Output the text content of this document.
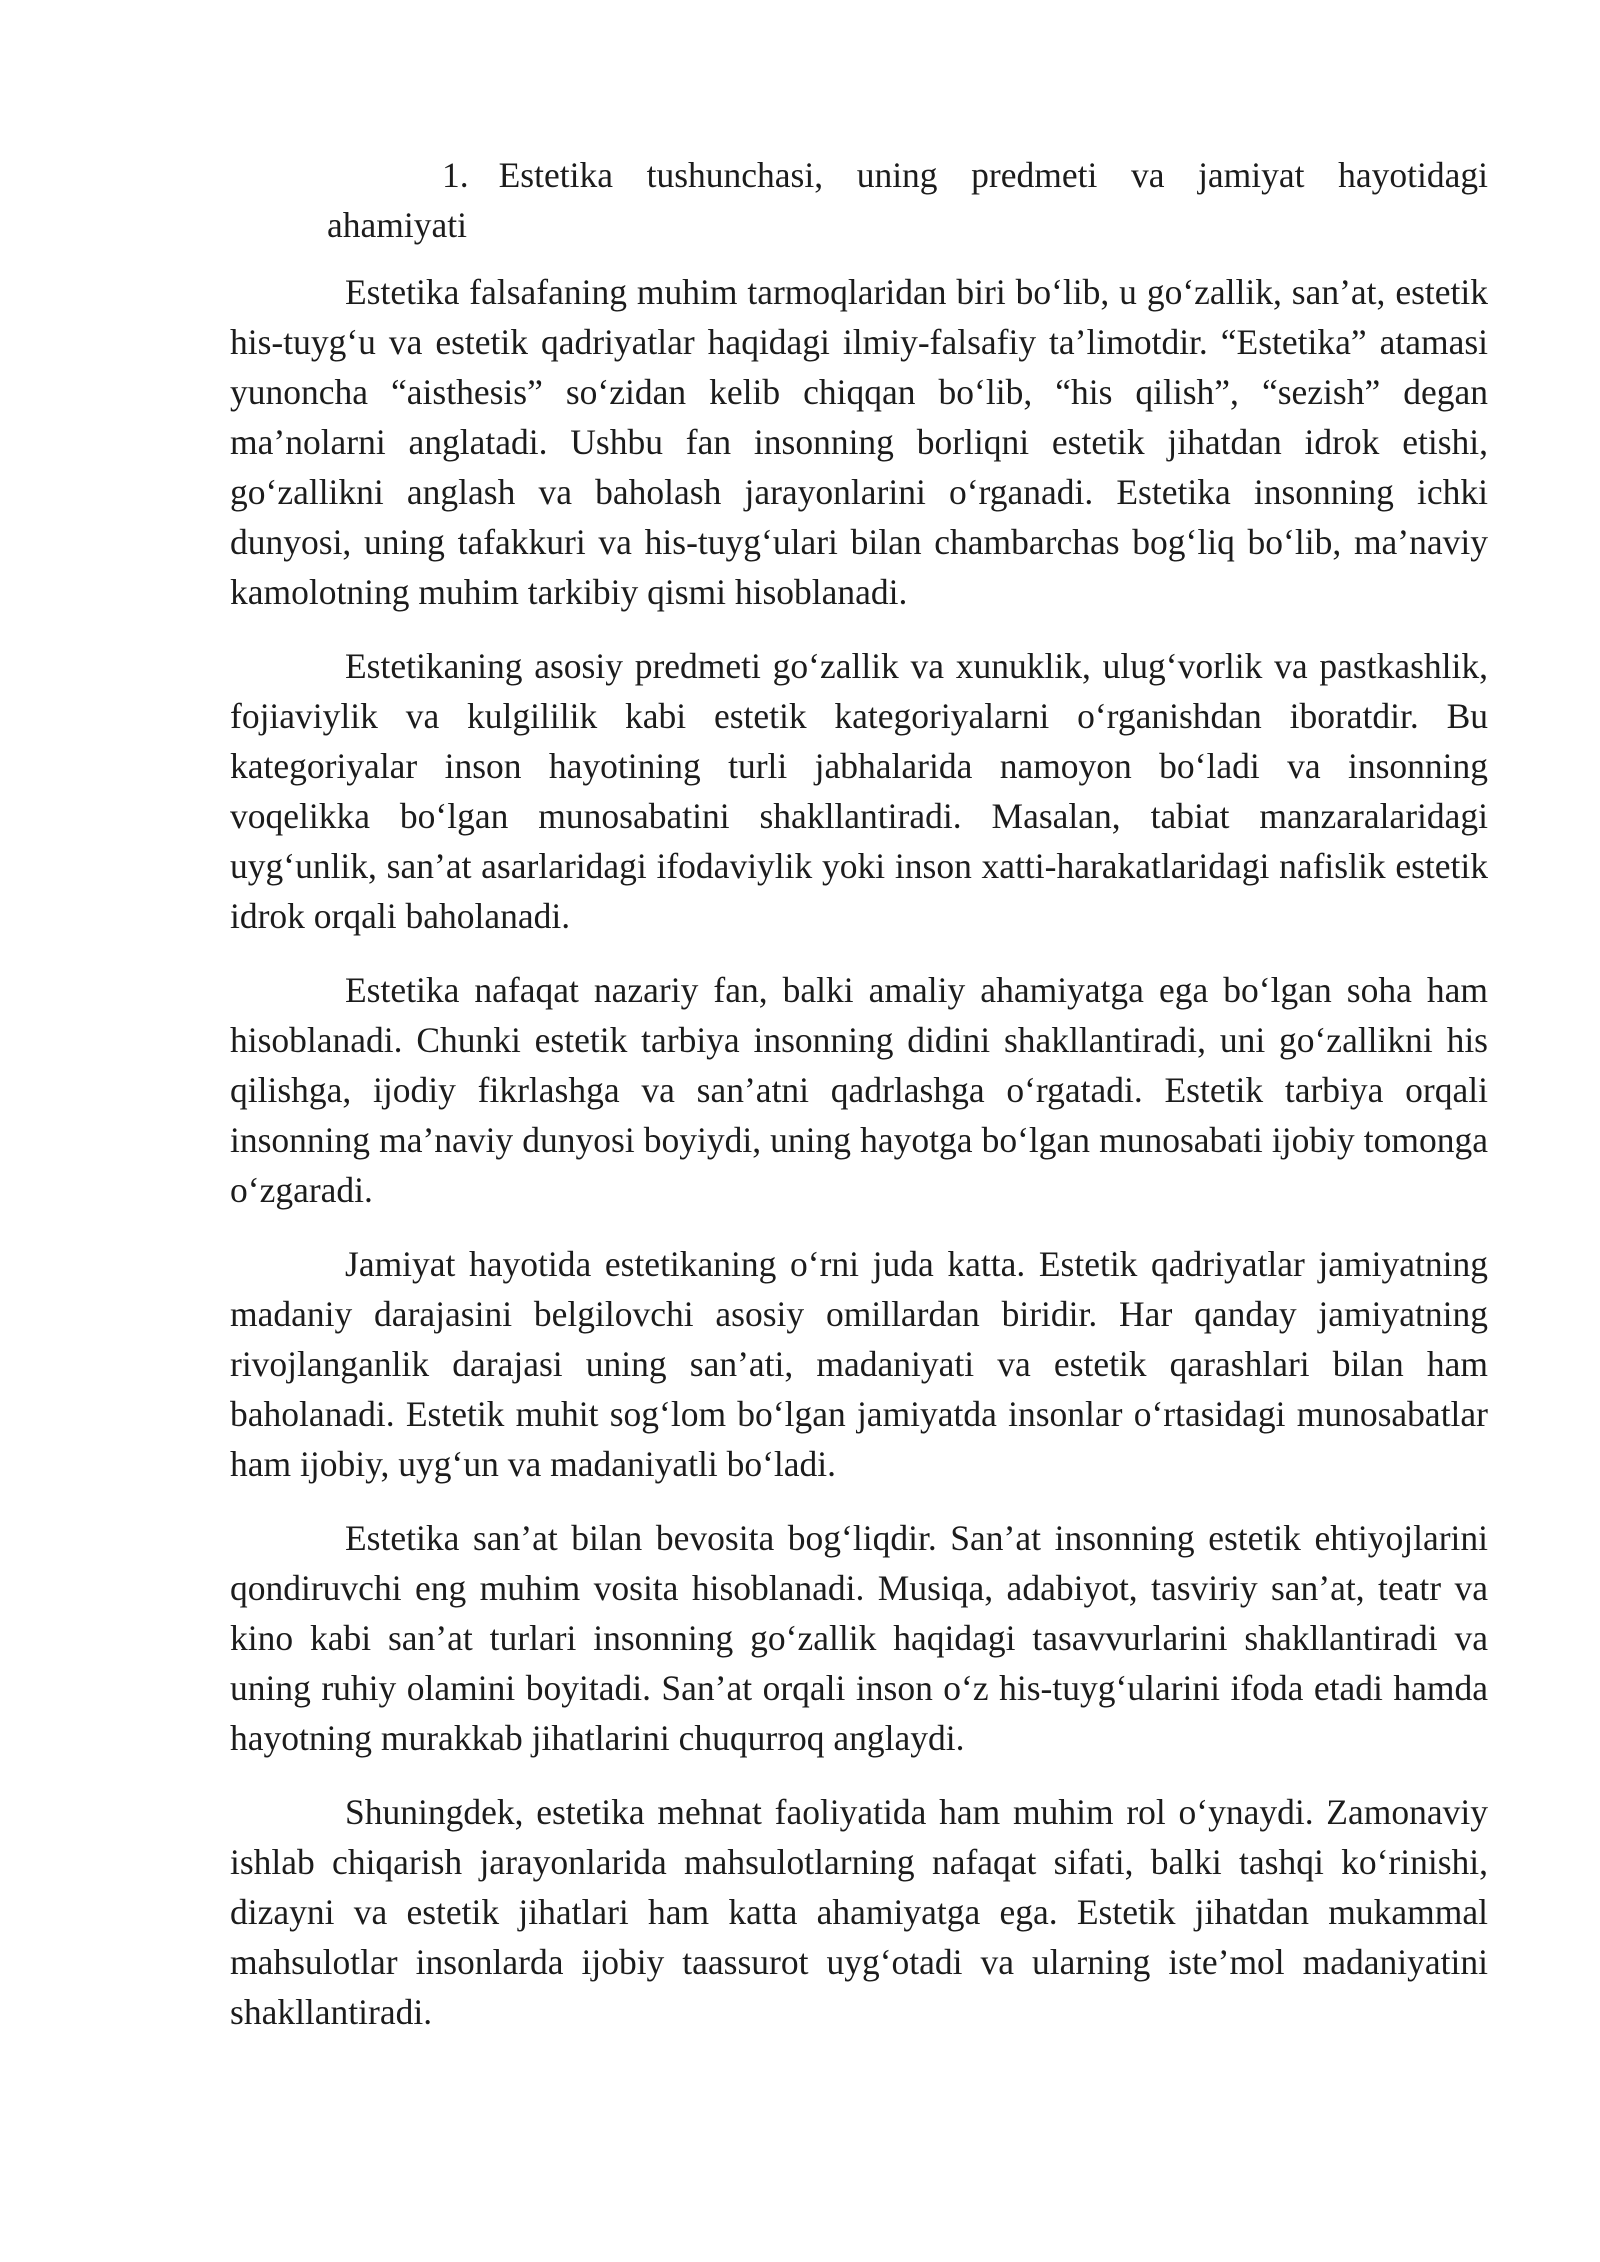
1. Estetika tushunchasi, uning predmeti va jamiyat hayotidagi
ahamiyati

Estetika falsafaning muhim tarmoqlaridan biri bo‘lib, u go‘zallik, san’at, estetik his-tuyg‘u va estetik qadriyatlar haqidagi ilmiy-falsafiy ta’limotdir. “Estetika” atamasi yunoncha “aisthesis” so‘zidan kelib chiqqan bo‘lib, “his qilish”, “sezish” degan ma’nolarni anglatadi. Ushbu fan insonning borliqni estetik jihatdan idrok etishi, go‘zallikni anglash va baholash jarayonlarini o‘rganadi. Estetika insonning ichki dunyosi, uning tafakkuri va his-tuyg‘ulari bilan chambarchas bog‘liq bo‘lib, ma’naviy kamolotning muhim tarkibiy qismi hisoblanadi.

Estetikaning asosiy predmeti go‘zallik va xunuklik, ulug‘vorlik va pastkashlik, fojiaviylik va kulgililik kabi estetik kategoriyalarni o‘rganishdan iboratdir. Bu kategoriyalar inson hayotining turli jabhalarida namoyon bo‘ladi va insonning voqelikka bo‘lgan munosabatini shakllantiradi. Masalan, tabiat manzaralaridagi uyg‘unlik, san’at asarlaridagi ifodaviylik yoki inson xatti-harakatlaridagi nafislik estetik idrok orqali baholanadi.

Estetika nafaqat nazariy fan, balki amaliy ahamiyatga ega bo‘lgan soha ham hisoblanadi. Chunki estetik tarbiya insonning didini shakllantiradi, uni go‘zallikni his qilishga, ijodiy fikrlashga va san’atni qadrlashga o‘rgatadi. Estetik tarbiya orqali insonning ma’naviy dunyosi boyiydi, uning hayotga bo‘lgan munosabati ijobiy tomonga o‘zgaradi.

Jamiyat hayotida estetikaning o‘rni juda katta. Estetik qadriyatlar jamiyatning madaniy darajasini belgilovchi asosiy omillardan biridir. Har qanday jamiyatning rivojlanganlik darajasi uning san’ati, madaniyati va estetik qarashlari bilan ham baholanadi. Estetik muhit sog‘lom bo‘lgan jamiyatda insonlar o‘rtasidagi munosabatlar ham ijobiy, uyg‘un va madaniyatli bo‘ladi.

Estetika san’at bilan bevosita bog‘liqdir. San’at insonning estetik ehtiyojlarini qondiruvchi eng muhim vosita hisoblanadi. Musiqa, adabiyot, tasviriy san’at, teatr va kino kabi san’at turlari insonning go‘zallik haqidagi tasavvurlarini shakllantiradi va uning ruhiy olamini boyitadi. San’at orqali inson o‘z his-tuyg‘ularini ifoda etadi hamda hayotning murakkab jihatlarini chuqurroq anglaydi.

Shuningdek, estetika mehnat faoliyatida ham muhim rol o‘ynaydi. Zamonaviy ishlab chiqarish jarayonlarida mahsulotlarning nafaqat sifati, balki tashqi ko‘rinishi, dizayni va estetik jihatlari ham katta ahamiyatga ega. Estetik jihatdan mukammal mahsulotlar insonlarda ijobiy taassurot uyg‘otadi va ularning iste’mol madaniyatini shakllantiradi.
